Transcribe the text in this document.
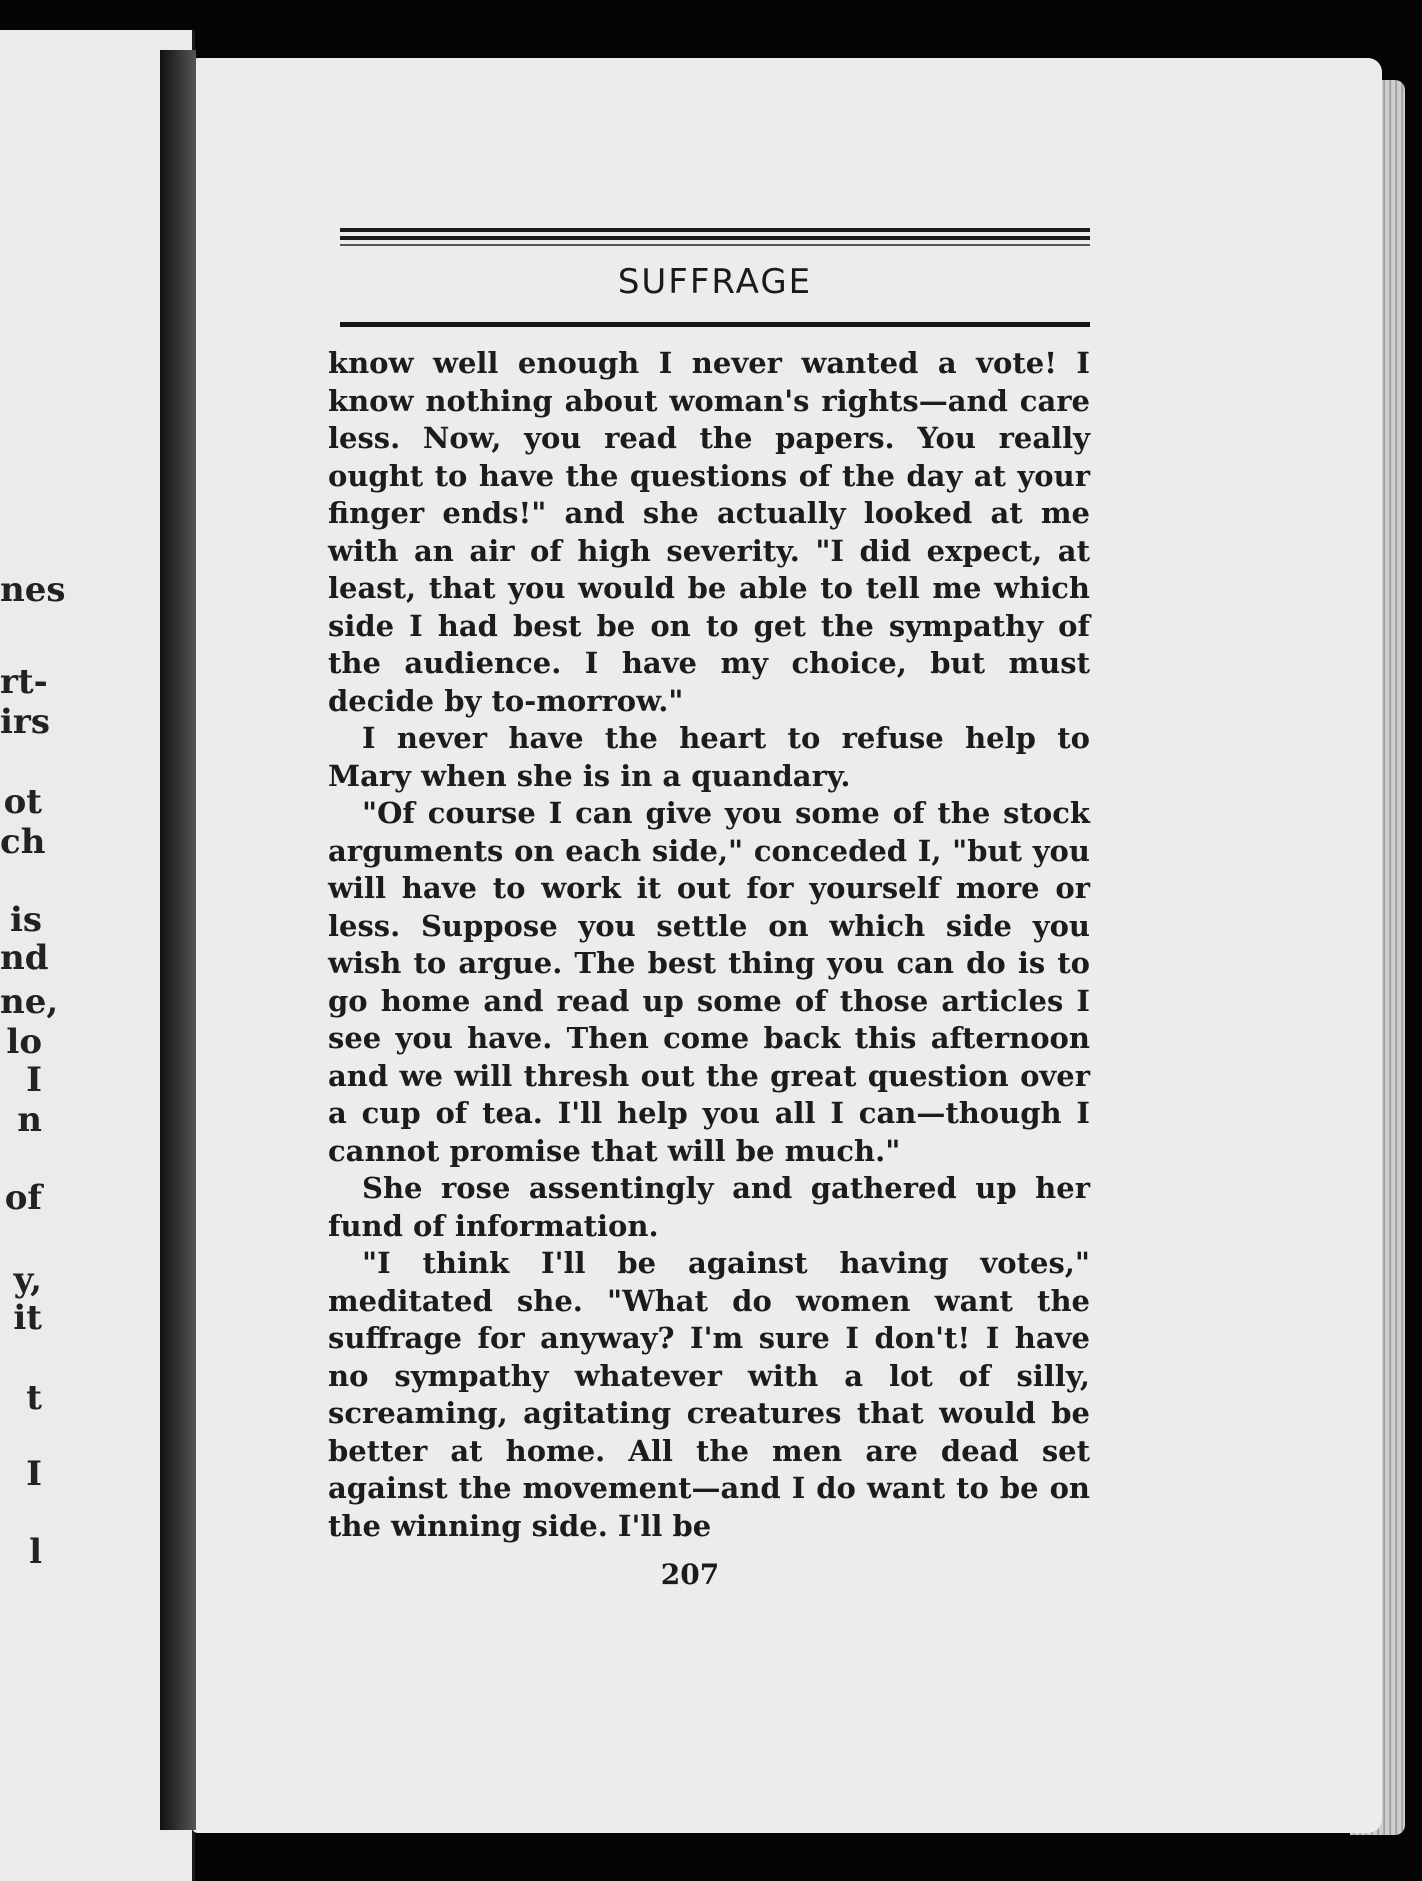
nes
rt-
irs
ot
ch
is
nd
ne,
lo
I
n
of
y,
it
t
I
l
SUFFRAGE

know well enough I never wanted a vote! I know nothing about woman's rights—and care less. Now, you read the papers. You really ought to have the questions of the day at your finger ends!" and she actually looked at me with an air of high severity. "I did expect, at least, that you would be able to tell me which side I had best be on to get the sympathy of the audience. I have my choice, but must decide by to-morrow."

I never have the heart to refuse help to Mary when she is in a quandary.

"Of course I can give you some of the stock arguments on each side," conceded I, "but you will have to work it out for yourself more or less. Suppose you settle on which side you wish to argue. The best thing you can do is to go home and read up some of those articles I see you have. Then come back this afternoon and we will thresh out the great question over a cup of tea. I'll help you all I can—though I cannot promise that will be much."

She rose assentingly and gathered up her fund of information.

"I think I'll be against having votes," meditated she. "What do women want the suffrage for anyway? I'm sure I don't! I have no sympathy whatever with a lot of silly, screaming, agitating creatures that would be better at home. All the men are dead set against the movement—and I do want to be on the winning side. I'll be

207
